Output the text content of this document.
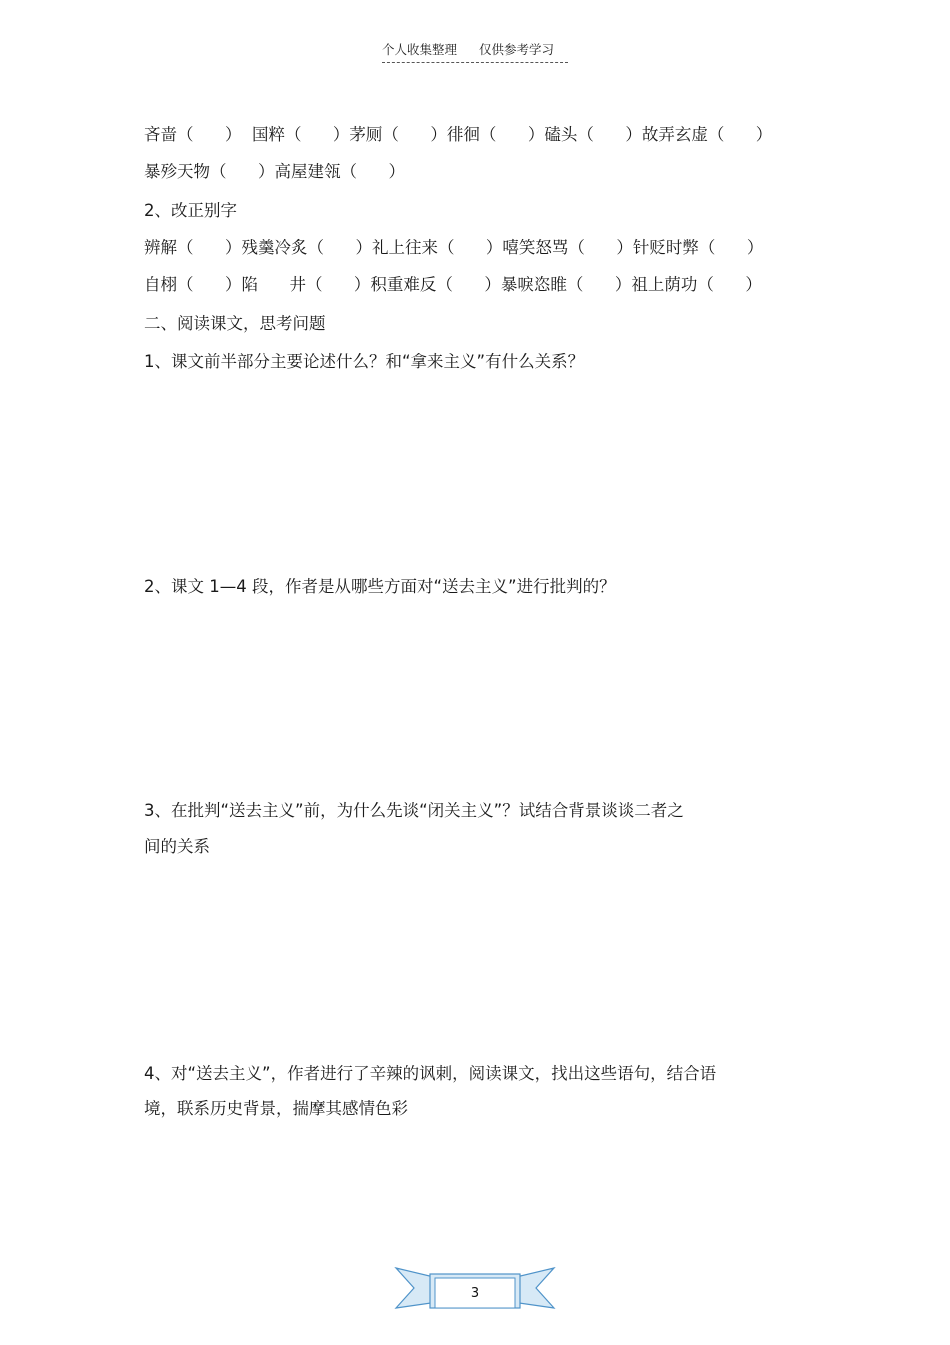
个人收集整理 仅供参考学习
吝啬（      ）  国粹（      ）茅厕（      ）徘徊（      ）磕头（      ）故弄玄虚（      ）
暴殄天物（      ）高屋建瓴（      ）
2、改正别字
辨解（      ）残羹冷炙（      ）礼上往来（      ）嘻笑怒骂（      ）针贬时弊（      ）
自栩（      ）陷      井（      ）积重难反（      ）暴唳恣睢（      ）祖上荫功（      ）
二、阅读课文，思考问题
1、课文前半部分主要论述什么？和“拿来主义”有什么关系？
2、课文 1—4 段，作者是从哪些方面对“送去主义”进行批判的？
3、在批判“送去主义”前，为什么先谈“闭关主义”？试结合背景谈谈二者之
间的关系
4、对“送去主义”，作者进行了辛辣的讽刺，阅读课文，找出这些语句，结合语
境，联系历史背景，揣摩其感情色彩
3
